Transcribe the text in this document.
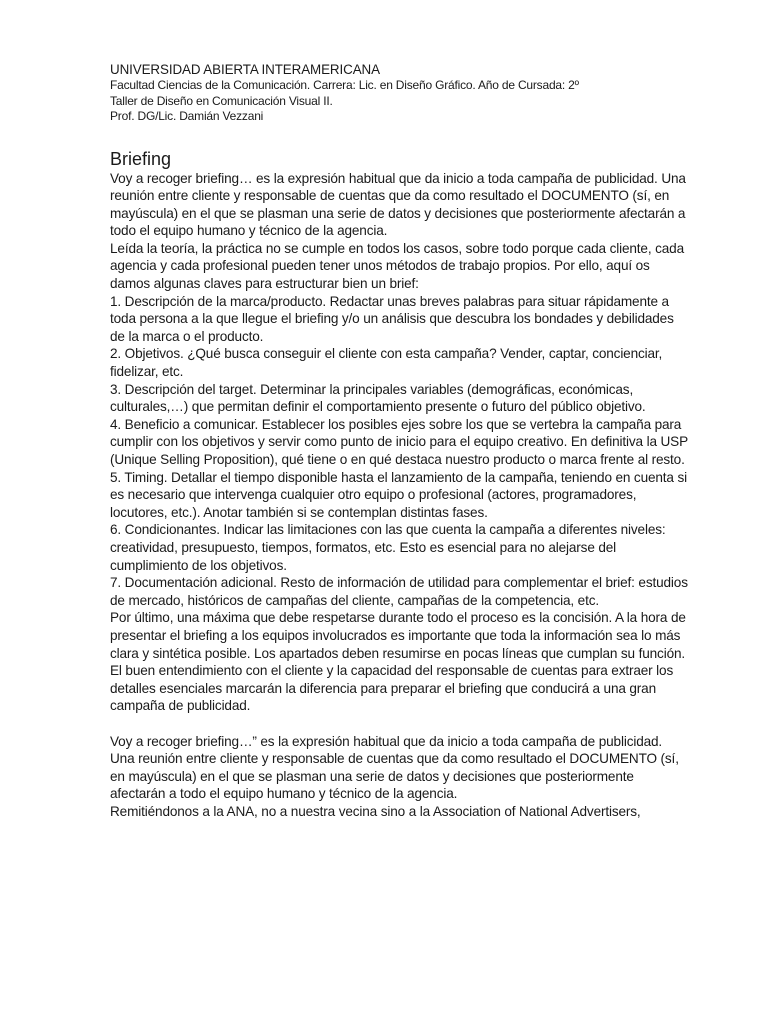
UNIVERSIDAD ABIERTA INTERAMERICANA

Facultad Ciencias de la Comunicación. Carrera: Lic. en Diseño Gráfico. Año de Cursada: 2º

Taller de Diseño en Comunicación Visual II.

Prof. DG/Lic. Damián Vezzani

Briefing

Voy a recoger briefing… es la expresión habitual que da inicio a toda campaña de publicidad. Una reunión entre cliente y responsable de cuentas que da como resultado el DOCUMENTO (sí, en mayúscula) en el que se plasman una serie de datos y decisiones que posteriormente afectarán a todo el equipo humano y técnico de la agencia.

Leída la teoría, la práctica no se cumple en todos los casos, sobre todo porque cada cliente, cada agencia y cada profesional pueden tener unos métodos de trabajo propios. Por ello, aquí os damos algunas claves para estructurar bien un brief:

1. Descripción de la marca/producto. Redactar unas breves palabras para situar rápidamente a toda persona a la que llegue el briefing y/o un análisis que descubra los bondades y debilidades de la marca o el producto.

2. Objetivos. ¿Qué busca conseguir el cliente con esta campaña? Vender, captar, concienciar, fidelizar, etc.

3. Descripción del target. Determinar la principales variables (demográficas, económicas, culturales,…) que permitan definir el comportamiento presente o futuro del público objetivo.

4. Beneficio a comunicar. Establecer los posibles ejes sobre los que se vertebra la campaña para cumplir con los objetivos y servir como punto de inicio para el equipo creativo. En definitiva la USP (Unique Selling Proposition), qué tiene o en qué destaca nuestro producto o marca frente al resto.

5. Timing. Detallar el tiempo disponible hasta el lanzamiento de la campaña, teniendo en cuenta si es necesario que intervenga cualquier otro equipo o profesional (actores, programadores, locutores, etc.). Anotar también si se contemplan distintas fases.

6. Condicionantes. Indicar las limitaciones con las que cuenta la campaña a diferentes niveles: creatividad, presupuesto, tiempos, formatos, etc. Esto es esencial para no alejarse del cumplimiento de los objetivos.

7. Documentación adicional. Resto de información de utilidad para complementar el brief: estudios de mercado, históricos de campañas del cliente, campañas de la competencia, etc.

Por último, una máxima que debe respetarse durante todo el proceso es la concisión. A la hora de presentar el briefing a los equipos involucrados es importante que toda la información sea lo más clara y sintética posible. Los apartados deben resumirse en pocas líneas que cumplan su función.

El buen entendimiento con el cliente y la capacidad del responsable de cuentas para extraer los detalles esenciales marcarán la diferencia para preparar el briefing que conducirá a una gran campaña de publicidad.

Voy a recoger briefing…” es la expresión habitual que da inicio a toda campaña de publicidad. Una reunión entre cliente y responsable de cuentas que da como resultado el DOCUMENTO (sí, en mayúscula) en el que se plasman una serie de datos y decisiones que posteriormente afectarán a todo el equipo humano y técnico de la agencia.

Remitiéndonos a la ANA, no a nuestra vecina sino a la Association of National Advertisers,
